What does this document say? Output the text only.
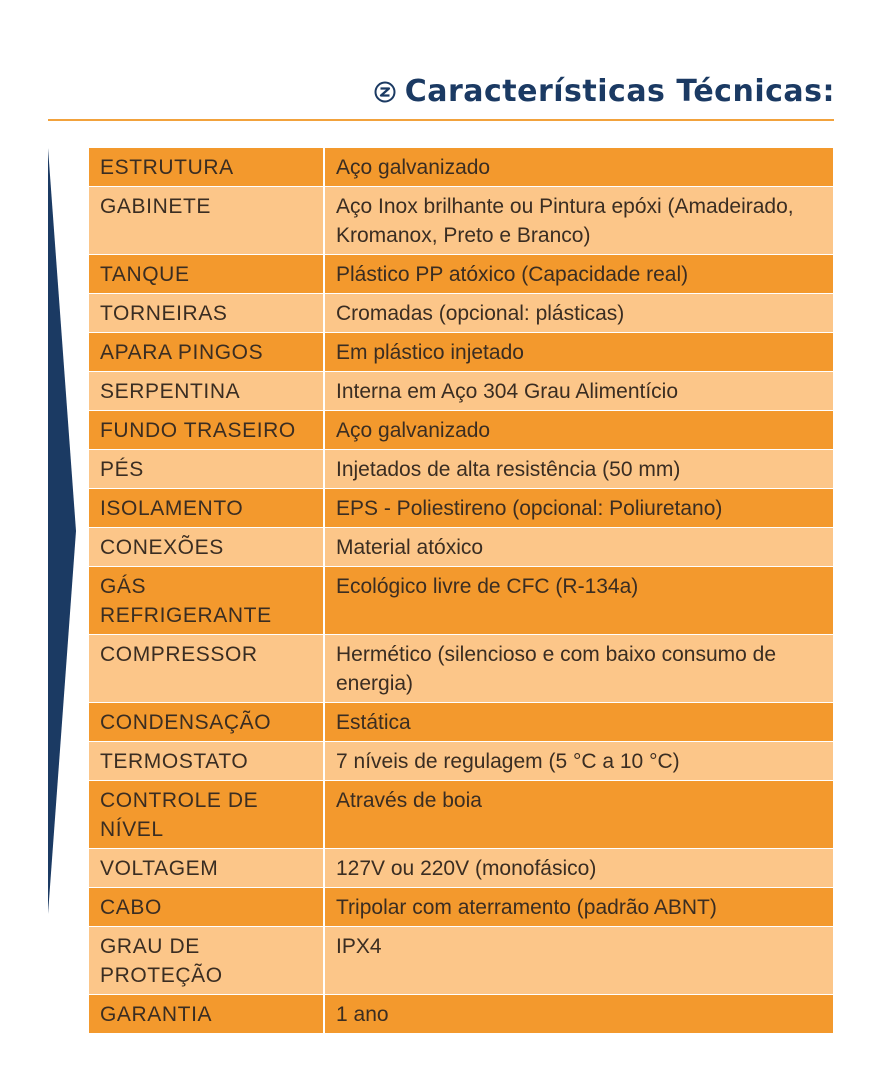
Características Técnicas:
ESTRUTURA	Aço galvanizado
GABINETE	Aço Inox brilhante ou Pintura epóxi (Amadeirado, Kromanox, Preto e Branco)
TANQUE	Plástico PP atóxico (Capacidade real)
TORNEIRAS	Cromadas (opcional: plásticas)
APARA PINGOS	Em plástico injetado
SERPENTINA	Interna em Aço 304 Grau Alimentício
FUNDO TRASEIRO	Aço galvanizado
PÉS	Injetados de alta resistência (50 mm)
ISOLAMENTO	EPS - Poliestireno (opcional: Poliuretano)
CONEXÕES	Material atóxico
GÁS REFRIGERANTE	Ecológico livre de CFC (R-134a)
COMPRESSOR	Hermético (silencioso e com baixo consumo de energia)
CONDENSAÇÃO	Estática
TERMOSTATO	7 níveis de regulagem (5 °C a 10 °C)
CONTROLE DE NÍVEL	Através de boia
VOLTAGEM	127V ou 220V (monofásico)
CABO	Tripolar com aterramento (padrão ABNT)
GRAU DE PROTEÇÃO	IPX4
GARANTIA	1 ano
